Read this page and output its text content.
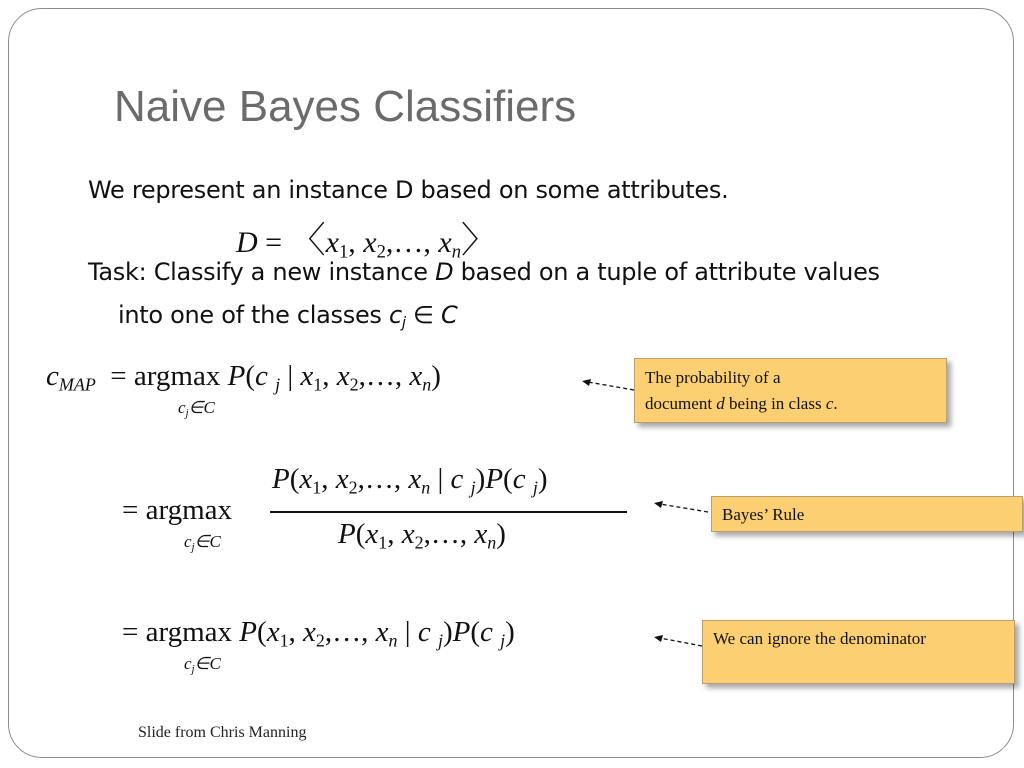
Naive Bayes Classifiers
We represent an instance D based on some attributes.
$D = 〈x_1$, $x_2,\dots$, $x_n〉$
Task: Classify a new instance D based on a tuple of attribute values
into one of the classes $c_j$ ∈ C
$c_{MAP} = argmax$ P(c $_j$ | $x_1$, $x_2,\dots$, $x_n$)
cj∈C
= argmax
cj∈C
$P(x_1$, $x_2,\dots$, $x_n$ | c $_j$)P(c $_j$)
$P(x_1$, $x_2,\dots$, $x_n$)
= argmax $P(x_1$, $x_2,\dots$, $x_n$ | c $_j$)P(c $_j$)
cj∈C
The probability of a
document d being in class c.
Bayes’ Rule
We can ignore the denominator
Slide from Chris Manning
